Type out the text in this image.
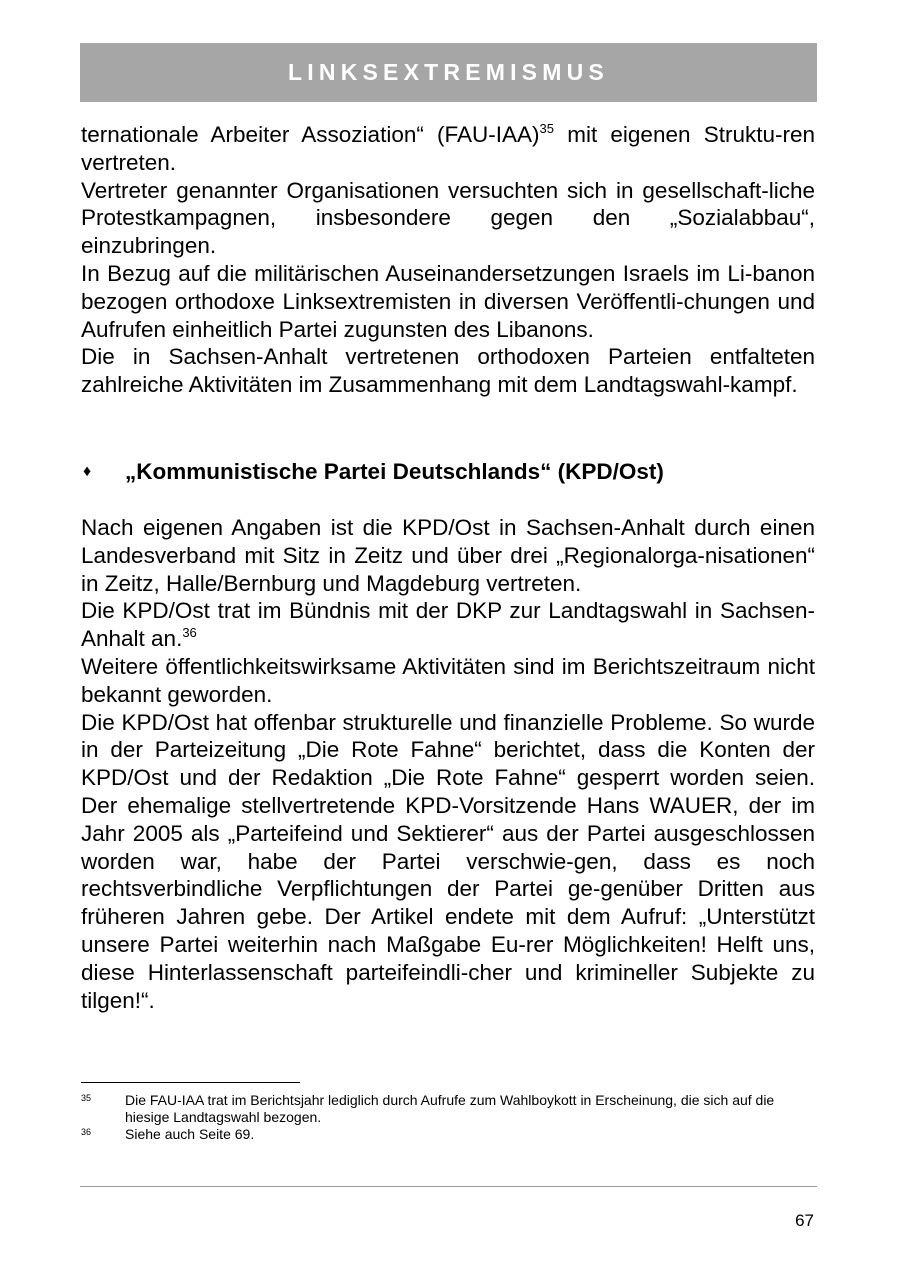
LINKSEXTREMISMUS

ternationale Arbeiter Assoziation“ $(FAU-IAA)^{35}$ mit eigenen Struktu-ren vertreten.

Vertreter genannter Organisationen versuchten sich in gesellschaft-liche Protestkampagnen, insbesondere gegen den „Sozialabbau“, einzubringen.

In Bezug auf die militärischen Auseinandersetzungen Israels im Li-banon bezogen orthodoxe Linksextremisten in diversen Veröffentli-chungen und Aufrufen einheitlich Partei zugunsten des Libanons.

Die in Sachsen-Anhalt vertretenen orthodoxen Parteien entfalteten zahlreiche Aktivitäten im Zusammenhang mit dem Landtagswahl-kampf.

♦	„Kommunistische Partei Deutschlands“ (KPD/Ost)

Nach eigenen Angaben ist die KPD/Ost in Sachsen-Anhalt durch einen Landesverband mit Sitz in Zeitz und über drei „Regionalorga-nisationen“ in Zeitz, Halle/Bernburg und Magdeburg vertreten.

Die KPD/Ost trat im Bündnis mit der DKP zur Landtagswahl in Sachsen-Anhalt an.$^{36}$

Weitere öffentlichkeitswirksame Aktivitäten sind im Berichtszeitraum nicht bekannt geworden.

Die KPD/Ost hat offenbar strukturelle und finanzielle Probleme. So wurde in der Parteizeitung „Die Rote Fahne“ berichtet, dass die Konten der KPD/Ost und der Redaktion „Die Rote Fahne“ gesperrt worden seien. Der ehemalige stellvertretende KPD-Vorsitzende Hans WAUER, der im Jahr 2005 als „Parteifeind und Sektierer“ aus der Partei ausgeschlossen worden war, habe der Partei verschwie-gen, dass es noch rechtsverbindliche Verpflichtungen der Partei ge-genüber Dritten aus früheren Jahren gebe. Der Artikel endete mit dem Aufruf: „Unterstützt unsere Partei weiterhin nach Maßgabe Eu-rer Möglichkeiten! Helft uns, diese Hinterlassenschaft parteifeindli-cher und krimineller Subjekte zu tilgen!“.

35	Die FAU-IAA trat im Berichtsjahr lediglich durch Aufrufe zum Wahlboykott in Erscheinung, die sich auf die hiesige Landtagswahl bezogen.
36	Siehe auch Seite 69.
67
